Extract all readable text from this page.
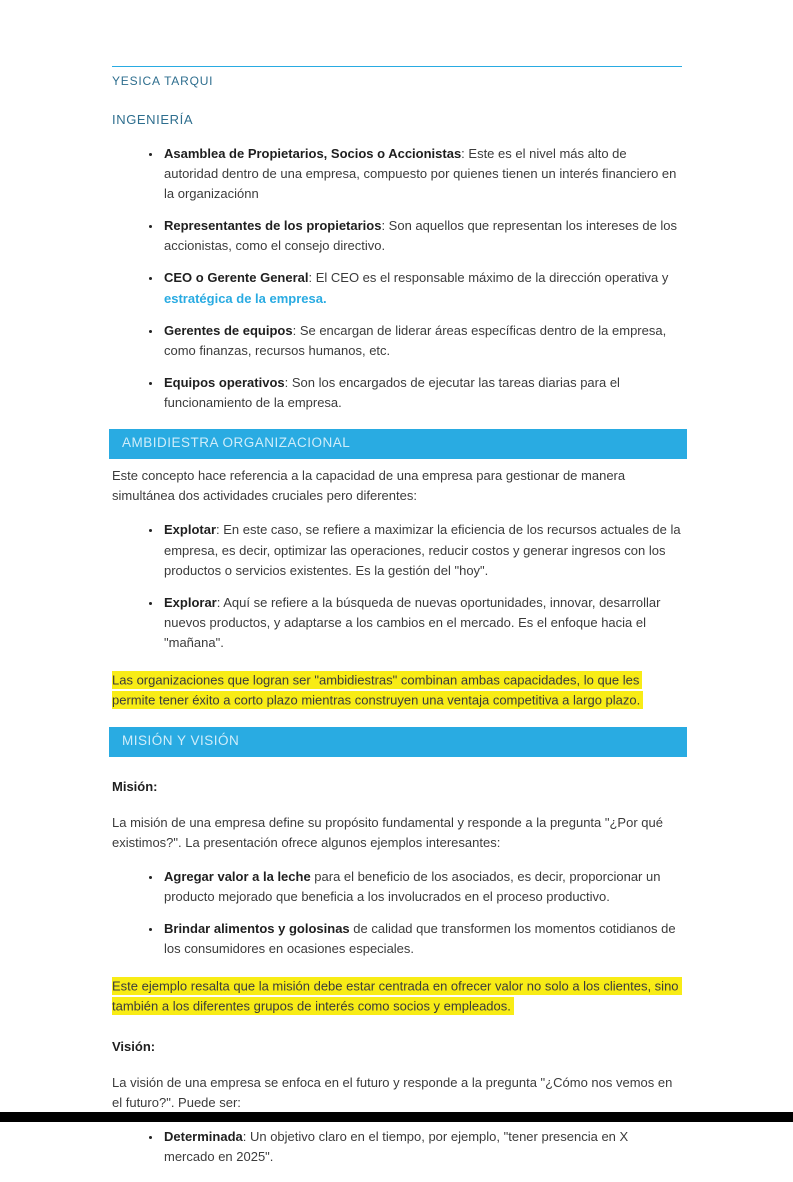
YESICA TARQUI
INGENIERÍA
• Asamblea de Propietarios, Socios o Accionistas: Este es el nivel más alto de autoridad dentro de una empresa, compuesto por quienes tienen un interés financiero en la organizaciónn
• Representantes de los propietarios: Son aquellos que representan los intereses de los accionistas, como el consejo directivo.
• CEO o Gerente General: El CEO es el responsable máximo de la dirección operativa y estratégica de la empresa.
• Gerentes de equipos: Se encargan de liderar áreas específicas dentro de la empresa, como finanzas, recursos humanos, etc.
• Equipos operativos: Son los encargados de ejecutar las tareas diarias para el funcionamiento de la empresa.
AMBIDIESTRA ORGANIZACIONAL

Este concepto hace referencia a la capacidad de una empresa para gestionar de manera simultánea dos actividades cruciales pero diferentes:

• Explotar: En este caso, se refiere a maximizar la eficiencia de los recursos actuales de la empresa, es decir, optimizar las operaciones, reducir costos y generar ingresos con los productos o servicios existentes. Es la gestión del "hoy".
• Explorar: Aquí se refiere a la búsqueda de nuevas oportunidades, innovar, desarrollar nuevos productos, y adaptarse a los cambios en el mercado. Es el enfoque hacia el "mañana".

Las organizaciones que logran ser "ambidiestras" combinan ambas capacidades, lo que les permite tener éxito a corto plazo mientras construyen una ventaja competitiva a largo plazo.

MISIÓN Y VISIÓN

Misión:

La misión de una empresa define su propósito fundamental y responde a la pregunta "¿Por qué existimos?". La presentación ofrece algunos ejemplos interesantes:

• Agregar valor a la leche para el beneficio de los asociados, es decir, proporcionar un producto mejorado que beneficia a los involucrados en el proceso productivo.
• Brindar alimentos y golosinas de calidad que transformen los momentos cotidianos de los consumidores en ocasiones especiales.

Este ejemplo resalta que la misión debe estar centrada en ofrecer valor no solo a los clientes, sino también a los diferentes grupos de interés como socios y empleados.

Visión:

La visión de una empresa se enfoca en el futuro y responde a la pregunta "¿Cómo nos vemos en el futuro?". Puede ser:

• Determinada: Un objetivo claro en el tiempo, por ejemplo, "tener presencia en X mercado en 2025".
